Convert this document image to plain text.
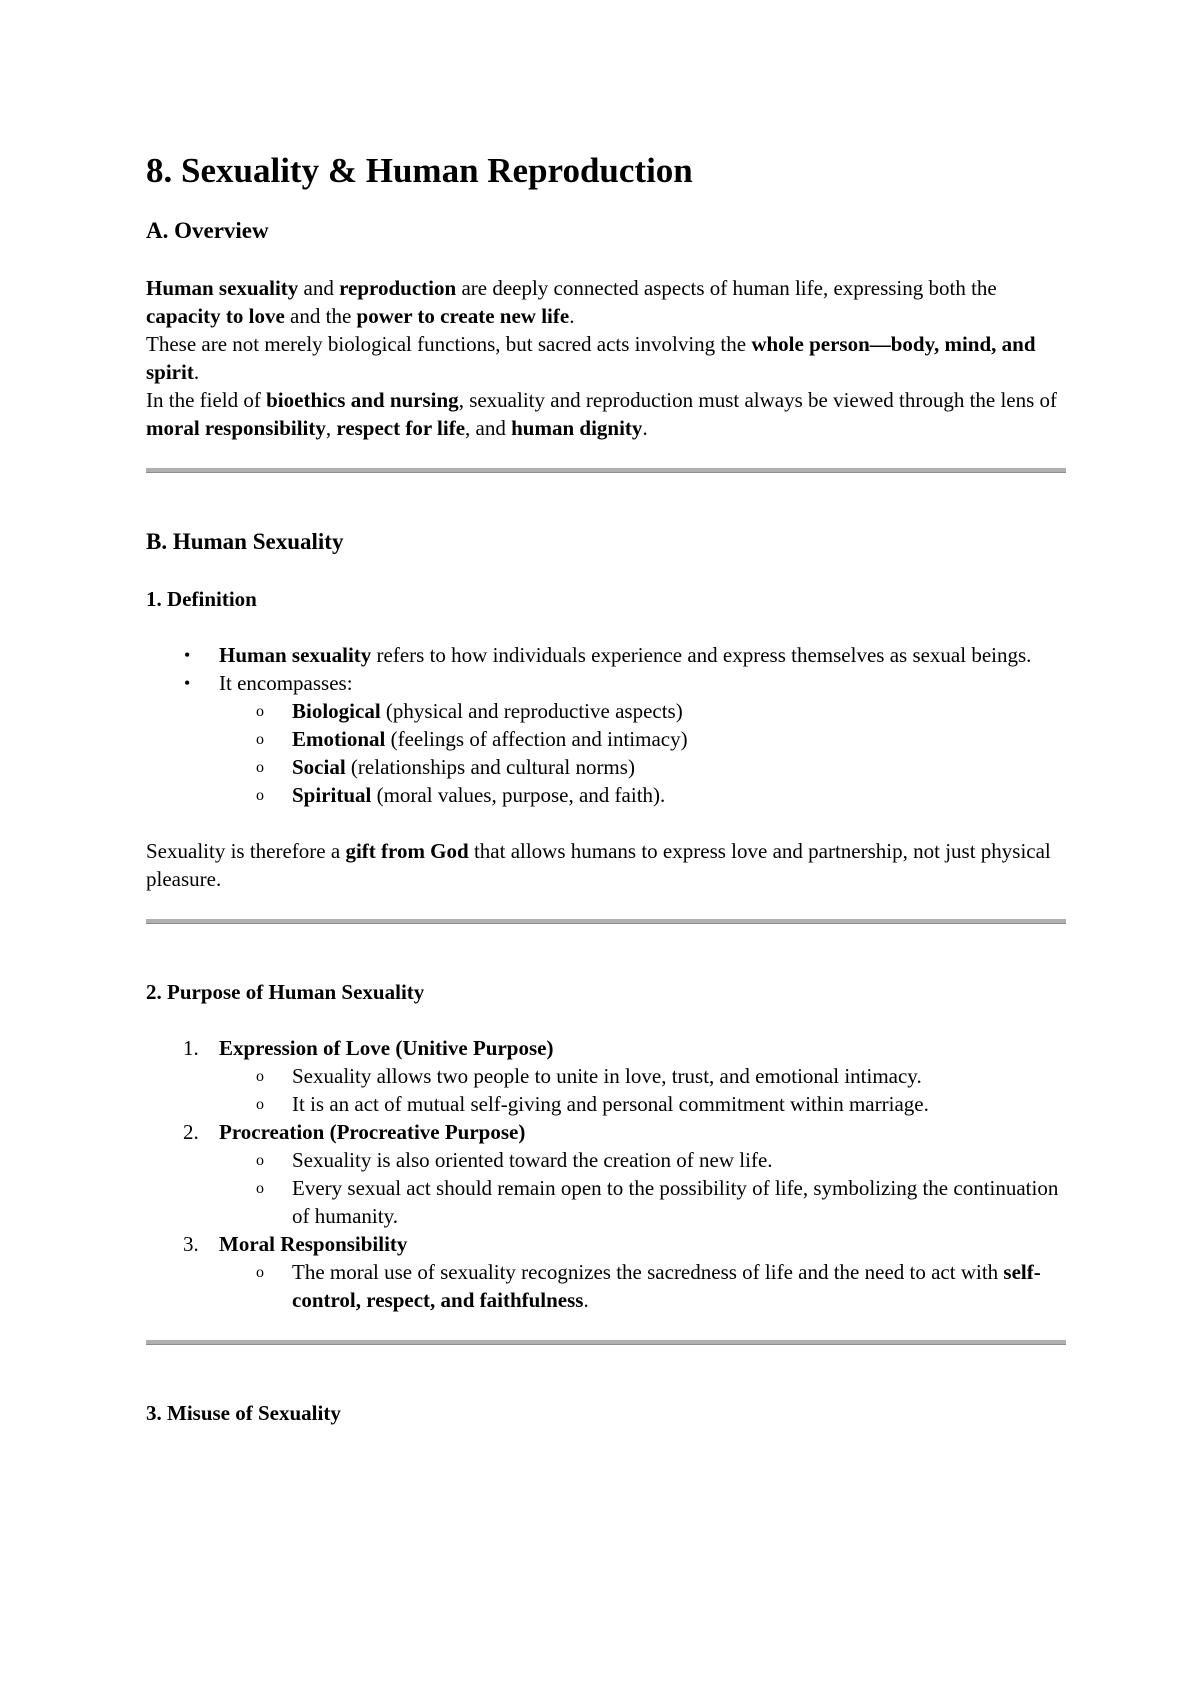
8. Sexuality & Human Reproduction
A. Overview

Human sexuality and reproduction are deeply connected aspects of human life, expressing both the capacity to love and the power to create new life.

These are not merely biological functions, but sacred acts involving the whole person—body, mind, and spirit.

In the field of bioethics and nursing, sexuality and reproduction must always be viewed through the lens of moral responsibility, respect for life, and human dignity.

B. Human Sexuality
1. Definition
• Human sexuality refers to how individuals experience and express themselves as sexual beings.
• It encompasses:
o Biological (physical and reproductive aspects)
o Emotional (feelings of affection and intimacy)
o Social (relationships and cultural norms)
o Spiritual (moral values, purpose, and faith).

Sexuality is therefore a gift from God that allows humans to express love and partnership, not just physical pleasure.

2. Purpose of Human Sexuality
1. Expression of Love (Unitive Purpose)
o Sexuality allows two people to unite in love, trust, and emotional intimacy.
o It is an act of mutual self-giving and personal commitment within marriage.
2. Procreation (Procreative Purpose)
o Sexuality is also oriented toward the creation of new life.
o Every sexual act should remain open to the possibility of life, symbolizing the continuation of humanity.
3. Moral Responsibility
o The moral use of sexuality recognizes the sacredness of life and the need to act with self-control, respect, and faithfulness.
3. Misuse of Sexuality
